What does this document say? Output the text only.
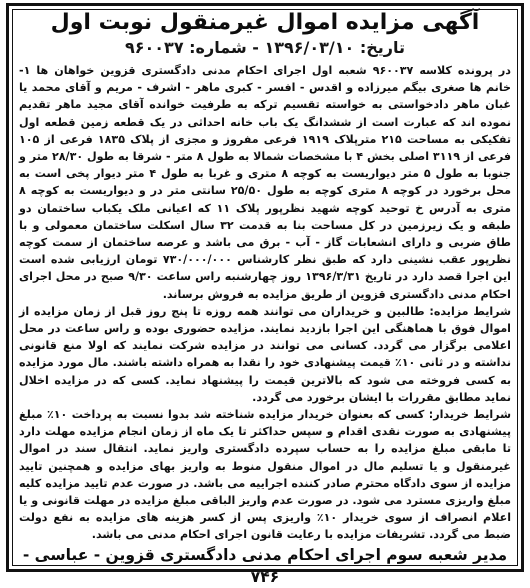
آگهی مزایده اموال غیرمنقول نوبت اول
تاریخ: ۱۳۹۶/۰۳/۱۰ - شماره: ۹۶۰۰۳۷

در پرونده کلاسه ۹۶۰۰۳۷ شعبه اول اجرای احکام مدنی دادگستری قزوین خواهان ها ۱- خانم ها صغری بیگم میرزاده و اقدس - افسر - کبری ماهر - اشرف - مریم و آقای محمد یا غبان ماهر دادخواستی به خواسته تقسیم ترکه به طرفیت خوانده آقای مجید ماهر تقدیم نموده اند که عبارت است از ششدانگ یک باب خانه احداثی در یک قطعه زمین قطعه اول تفکیکی به مساحت ۲۱۵ مترپلاک ۱۹۱۹ فرعی مفروز و مجزی از پلاک ۱۸۳۵ فرعی از ۱۰۵ فرعی از ۳۱۱۹ اصلی بخش ۴ با مشخصات شمالا به طول ۸ متر - شرقا به طول ۲۸/۳۰ متر و جنوبا به طول ۵ متر دیواریست به کوچه ۸ متری و غربا به طول ۴ متر دیوار پخی است به محل برخورد در کوچه ۸ متری کوچه به طول ۲۵/۵۰ سانتی متر در و دیواریست به کوچه ۸ متری به آدرس خ توحید کوچه شهید نظرپور پلاک ۱۱ که اعیانی ملک یکباب ساختمان دو طبقه و یک زیرزمین در کل مساحت بنا به قدمت ۳۲ سال اسکلت ساختمان معمولی و با طاق ضربی و دارای انشعابات گاز - آب - برق می باشد و عرصه ساختمان از سمت کوچه نظرپور عقب نشینی دارد که طبق نظر کارشناس ۷۳۰/۰۰۰/۰۰۰ تومان ارزیابی شده است این اجرا قصد دارد در تاریخ ۱۳۹۶/۳/۳۱ روز چهارشنبه راس ساعت ۹/۳۰ صبح در محل اجرای احکام مدنی دادگستری قزوین از طریق مزایده به فروش برساند.

شرایط مزایده: طالبین و خریداران می توانند همه روزه تا پنج روز قبل از زمان مزایده از اموال فوق با هماهنگی این اجرا بازدید نمایند. مزایده حضوری بوده و راس ساعت در محل اعلامی برگزار می گردد. کسانی می توانند در مزایده شرکت نمایند که اولا منع قانونی نداشته و در ثانی ۱۰٪ قیمت پیشنهادی خود را نقدا به همراه داشته باشند. مال مورد مزایده به کسی فروخته می شود که بالاترین قیمت را پیشنهاد نماید. کسی که در مزایده اخلال نماید مطابق مقررات با ایشان برخورد می گردد.

شرایط خریدار: کسی که بعنوان خریدار مزایده شناخته شد بدوا نسبت به پرداخت ۱۰٪ مبلغ پیشنهادی به صورت نقدی اقدام و سپس حداکثر تا یک ماه از زمان انجام مزایده مهلت دارد تا مابقی مبلغ مزایده را به حساب سپرده دادگستری واریز نماید. انتقال سند در اموال غیرمنقول و یا تسلیم مال در اموال منقول منوط به واریز بهای مزایده و همچنین تایید مزایده از سوی دادگاه محترم صادر کننده اجراییه می باشد. در صورت عدم تایید مزایده کلیه مبلغ واریزی مسترد می شود. در صورت عدم واریز الباقی مبلغ مزایده در مهلت قانونی و یا اعلام انصراف از سوی خریدار ۱۰٪ واریزی پس از کسر هزینه های مزایده به نفع دولت ضبط می گردد. تشریفات مزایده با رعایت قانون اجرای احکام مدنی می باشد.

مدیر شعبه سوم اجرای احکام مدنی دادگستری قزوین - عباسی - ۷۴۶
